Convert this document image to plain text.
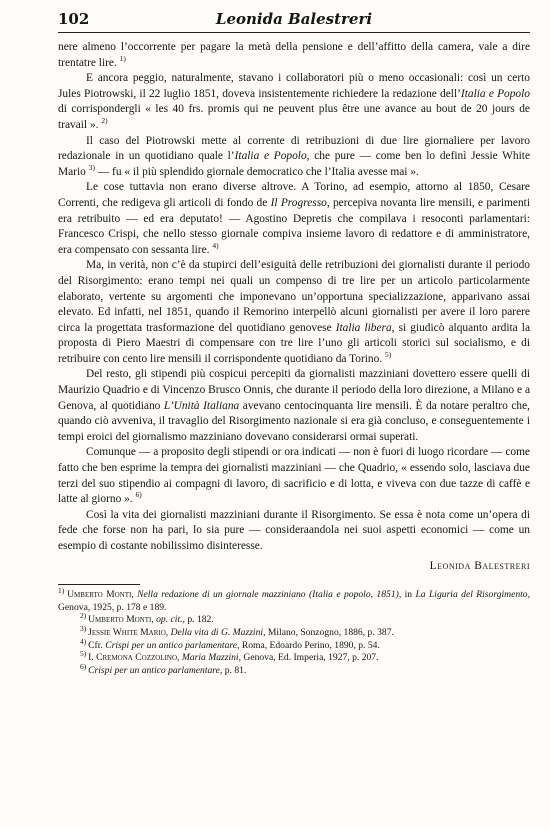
102	Leonida Balestreri

nere almeno l’occorrente per pagare la metà della pensione e dell’affitto della camera, vale a dire trentatre lire. $^{1)}$

E ancora peggio, naturalmente, stavano i collaboratori più o meno occasionali: così un certo Jules Piotrowski, il 22 luglio 1851, doveva insistentemente richiedere la redazione dell’Italia e Popolo di corrispondergli « les 40 frs. promis qui ne peuvent plus être une avance au bout de 20 jours de travail ». $^{2)}$

Il caso del Piotrowski mette al corrente di retribuzioni di due lire giornaliere per lavoro redazionale in un quotidiano quale l’Italia e Popolo, che pure — come ben lo definì Jessie White Mario $^{3)}$ — fu « il più splendido giornale democratico che l’Italia avesse mai ».

Le cose tuttavia non erano diverse altrove. A Torino, ad esempio, attorno al 1850, Cesare Correnti, che redigeva gli articoli di fondo de Il Progresso, percepiva novanta lire mensili, e parimenti era retribuito — ed era deputato! — Agostino Depretis che compilava i resoconti parlamentari: Francesco Crispi, che nello stesso giornale compiva insieme lavoro di redattore e di amministratore, era compensato con sessanta lire. $^{4)}$

Ma, in verità, non c’è da stupirci dell’esiguità delle retribuzioni dei giornalisti durante il periodo del Risorgimento: erano tempi nei quali un compenso di tre lire per un articolo particolarmente elaborato, vertente su argomenti che imponevano un’opportuna specializzazione, apparivano assai elevato. Ed infatti, nel 1851, quando il Remorino interpellò alcuni giornalisti per avere il loro parere circa la progettata trasformazione del quotidiano genovese Italia libera, si giudicò alquanto ardita la proposta di Piero Maestri di compensare con tre lire l’uno gli articoli storici sul socialismo, e di retribuire con cento lire mensili il corrispondente quotidiano da Torino. $^{5)}$

Del resto, gli stipendi più cospicui percepiti da giornalisti mazziniani dovettero essere quelli di Maurizio Quadrio e di Vincenzo Brusco Onnis, che durante il periodo della loro direzione, a Milano e a Genova, al quotidiano L’Unità Italiana avevano centocinquanta lire mensili. È da notare peraltro che, quando ciò avveniva, il travaglio del Risorgimento nazionale si era già concluso, e conseguentemente i tempi eroici del giornalismo mazziniano dovevano considerarsi ormai superati.

Comunque — a proposito degli stipendi or ora indicati — non è fuori di luogo ricordare — come fatto che ben esprime la tempra dei giornalisti mazziniani — che Quadrio, « essendo solo, lasciava due terzi del suo stipendio ai compagni di lavoro, di sacrificio e di lotta, e viveva con due tazze di caffè e latte al giorno ». $^{6)}$

Così la vita dei giornalisti mazziniani durante il Risorgimento. Se essa è nota come un’opera di fede che forse non ha pari, lo sia pure — consideraandola nei suoi aspetti economici — come un esempio di costante nobilissimo disinteresse.

Leonida Balestreri
$^{1)}$ Umberto Monti, Nella redazione di un giornale mazziniano (Italia e popolo, 1851), in La Liguria del Risorgimento, Genova, 1925, p. 178 e 189.
$^{2)}$ Umberto Monti, op. cit., p. 182.
$^{3)}$ Jessie White Mario, Della vita di G. Mazzini, Milano, Sonzogno, 1886, p. 387.
$^{4)}$ Cfr. Crispi per un antico parlamentare, Roma, Edoardo Perino, 1890, p. 54.
$^{5)}$ I. Cremona Cozzolino, Maria Mazzini, Genova, Ed. Imperia, 1927, p. 207.
$^{6)}$ Crispi per un antico parlamentare, p. 81.
